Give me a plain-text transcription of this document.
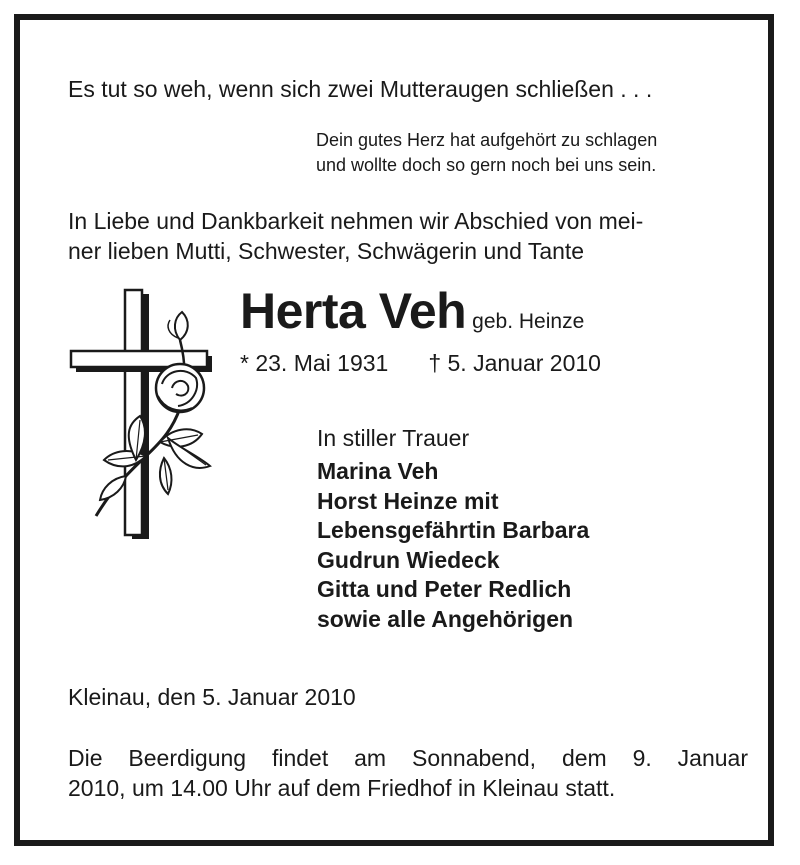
Es tut so weh, wenn sich zwei Mutteraugen schließen . . .

Dein gutes Herz hat aufgehört zu schlagen
und wollte doch so gern noch bei uns sein.
In Liebe und Dankbarkeit nehmen wir Abschied von mei-
ner lieben Mutti, Schwester, Schwägerin und Tante
Herta Veh geb. Heinze
* 23. Mai 1931 † 5. Januar 2010

In stiller Trauer

Marina Veh
Horst Heinze mit
Lebensgefährtin Barbara
Gudrun Wiedeck
Gitta und Peter Redlich
sowie alle Angehörigen

Kleinau, den 5. Januar 2010

Die Beerdigung findet am Sonnabend, dem 9. Januar
2010, um 14.00 Uhr auf dem Friedhof in Kleinau statt.
